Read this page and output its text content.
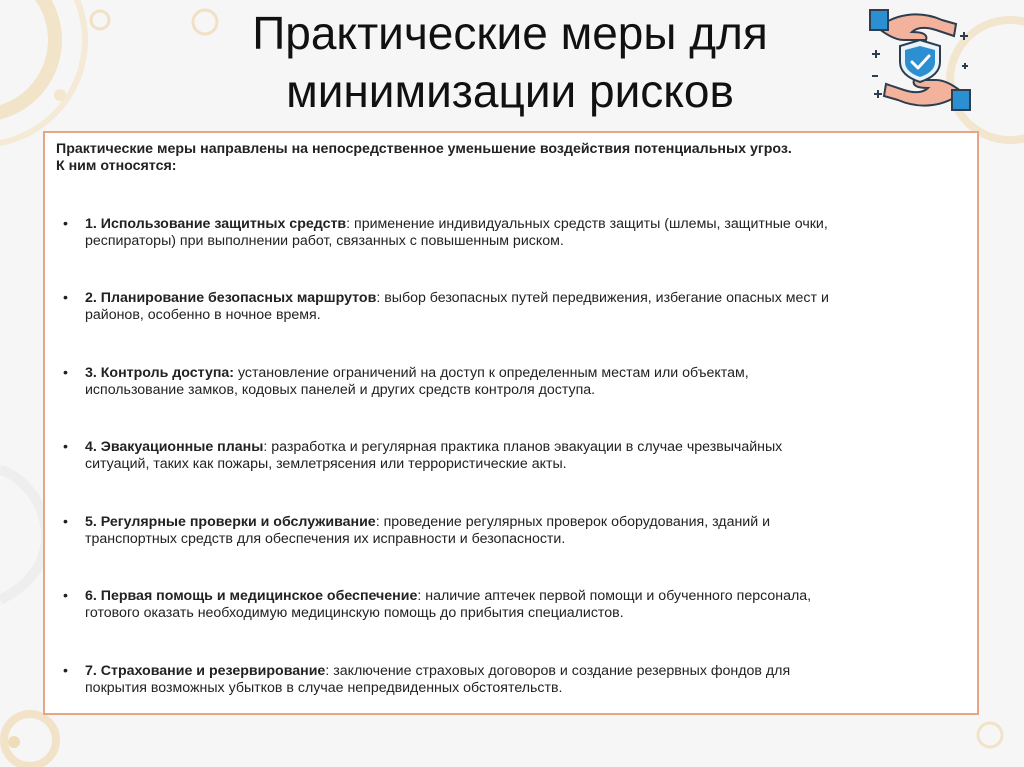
Практические меры для
минимизации рисков
Практические меры направлены на непосредственное уменьшение воздействия потенциальных угроз.
К ним относятся:
• 1. Использование защитных средств: применение индивидуальных средств защиты (шлемы, защитные очки,
респираторы) при выполнении работ, связанных с повышенным риском.
• 2. Планирование безопасных маршрутов: выбор безопасных путей передвижения, избегание опасных мест и
районов, особенно в ночное время.
• 3. Контроль доступа: установление ограничений на доступ к определенным местам или объектам,
использование замков, кодовых панелей и других средств контроля доступа.
• 4. Эвакуационные планы: разработка и регулярная практика планов эвакуации в случае чрезвычайных
ситуаций, таких как пожары, землетрясения или террористические акты.
• 5. Регулярные проверки и обслуживание: проведение регулярных проверок оборудования, зданий и
транспортных средств для обеспечения их исправности и безопасности.
• 6. Первая помощь и медицинское обеспечение: наличие аптечек первой помощи и обученного персонала,
готового оказать необходимую медицинскую помощь до прибытия специалистов.
• 7. Страхование и резервирование: заключение страховых договоров и создание резервных фондов для
покрытия возможных убытков в случае непредвиденных обстоятельств.
